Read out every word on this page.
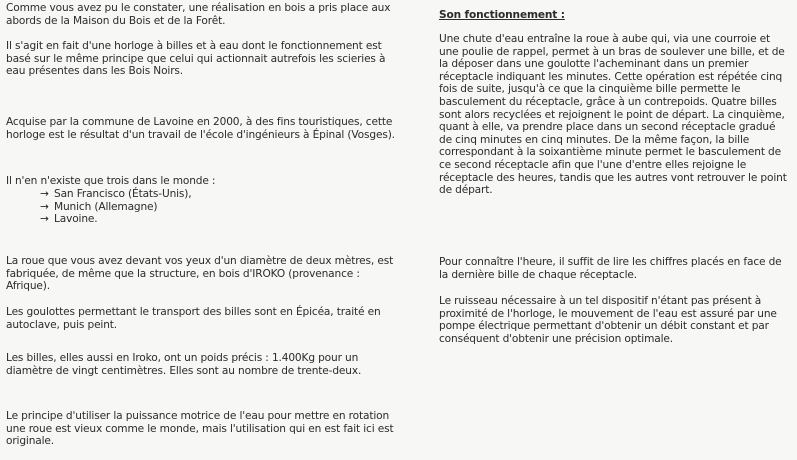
Comme vous avez pu le constater, une réalisation en bois a pris place aux abords de la Maison du Bois et de la Forêt.

Il s'agit en fait d'une horloge à billes et à eau dont le fonctionnement est basé sur le même principe que celui qui actionnait autrefois les scieries à eau présentes dans les Bois Noirs.

Acquise par la commune de Lavoine en 2000, à des fins touristiques, cette horloge est le résultat d'un travail de l'école d'ingénieurs à Épinal (Vosges).

Il n'en n'existe que trois dans le monde :

→ San Francisco (États-Unis),
→ Munich (Allemagne)
→ Lavoine.

La roue que vous avez devant vos yeux d'un diamètre de deux mètres, est fabriquée, de même que la structure, en bois d'IROKO (provenance : Afrique).

Les goulottes permettant le transport des billes sont en Épicéa, traité en autoclave, puis peint.

Les billes, elles aussi en Iroko, ont un poids précis : 1.400Kg pour un diamètre de vingt centimètres. Elles sont au nombre de trente-deux.

Le principe d'utiliser la puissance motrice de l'eau pour mettre en rotation une roue est vieux comme le monde, mais l'utilisation qui en est fait ici est originale.

Son fonctionnement :

Une chute d'eau entraîne la roue à aube qui, via une courroie et une poulie de rappel, permet à un bras de soulever une bille, et de la déposer dans une goulotte l'acheminant dans un premier réceptacle indiquant les minutes. Cette opération est répétée cinq fois de suite, jusqu'à ce que la cinquième bille permette le basculement du réceptacle, grâce à un contrepoids. Quatre billes sont alors recyclées et rejoignent le point de départ. La cinquième, quant à elle, va prendre place dans un second réceptacle gradué de cinq minutes en cinq minutes. De la même façon, la bille correspondant à la soixantième minute permet le basculement de ce second réceptacle afin que l'une d'entre elles rejoigne le réceptacle des heures, tandis que les autres vont retrouver le point de départ.

Pour connaître l'heure, il suffit de lire les chiffres placés en face de la dernière bille de chaque réceptacle.

Le ruisseau nécessaire à un tel dispositif n'étant pas présent à proximité de l'horloge, le mouvement de l'eau est assuré par une pompe électrique permettant d'obtenir un débit constant et par conséquent d'obtenir une précision optimale.
